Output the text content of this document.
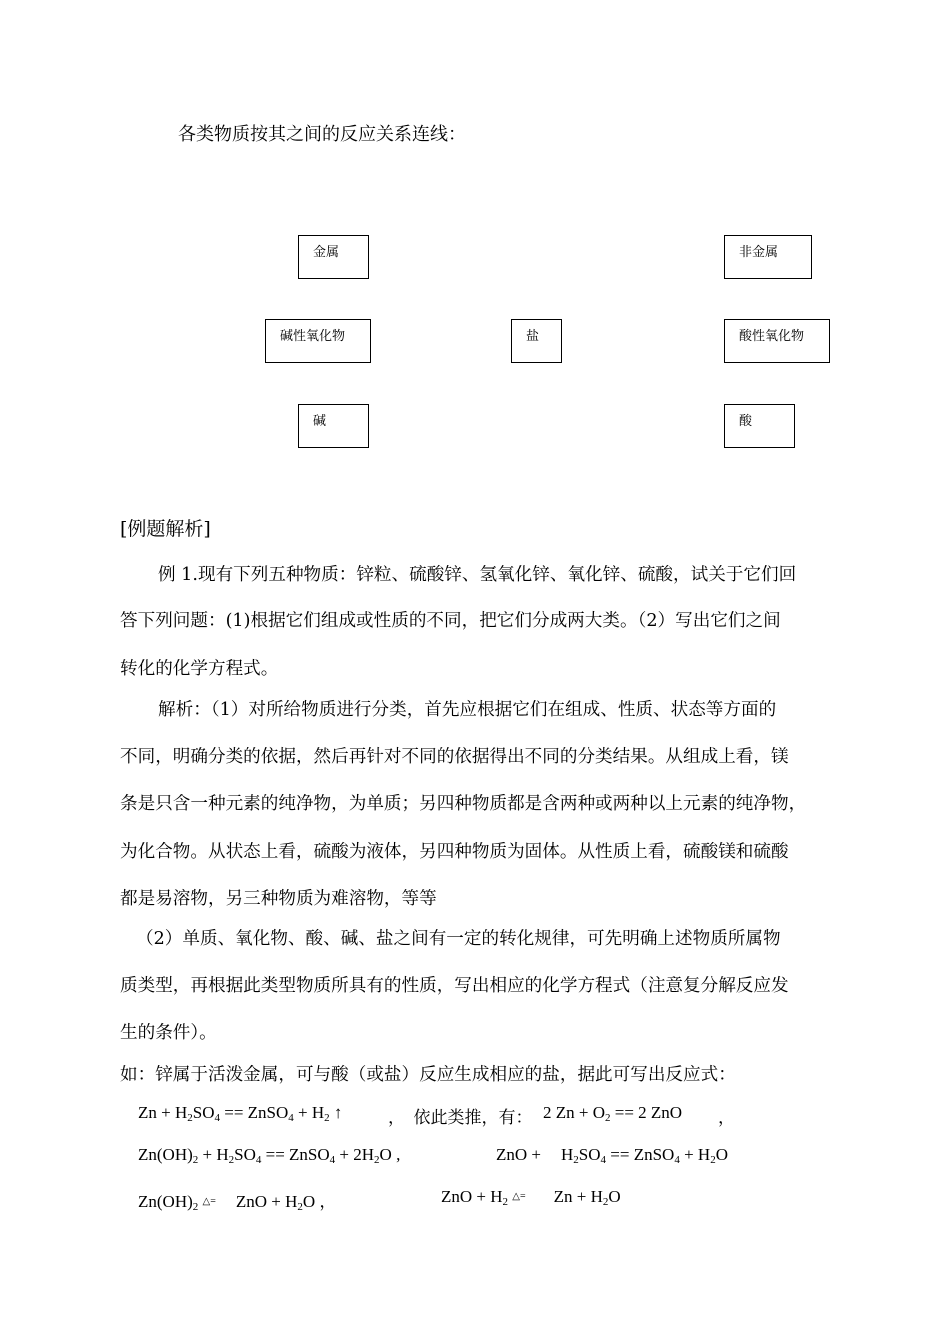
各类物质按其之间的反应关系连线：
金属	非金属
碱性氧化物	盐	酸性氧化物
碱	酸
[例题解析]
例 1.现有下列五种物质：锌粒、硫酸锌、氢氧化锌、氧化锌、硫酸，试关于它们回
答下列问题：(1)根据它们组成或性质的不同，把它们分成两大类。（2）写出它们之间
转化的化学方程式。
解析：（1）对所给物质进行分类，首先应根据它们在组成、性质、状态等方面的
不同，明确分类的依据，然后再针对不同的依据得出不同的分类结果。从组成上看，镁
条是只含一种元素的纯净物，为单质；另四种物质都是含两种或两种以上元素的纯净物，
为化合物。从状态上看，硫酸为液体，另四种物质为固体。从性质上看，硫酸镁和硫酸
都是易溶物，另三种物质为难溶物，等等
（2）单质、氧化物、酸、碱、盐之间有一定的转化规律，可先明确上述物质所属物
质类型，再根据此类型物质所具有的性质，写出相应的化学方程式（注意复分解反应发
生的条件）。
如：锌属于活泼金属，可与酸（或盐）反应生成相应的盐，据此可写出反应式：
$Zn + H_2SO_4$ == ZnSO$_4$ + $H_2$ ↑	，　依此类推，有： 2 $Zn + O_2 == 2$ ZnO ，
$Zn(OH)_2 + H_2SO_4$ == ZnSO$_4$ + $2H_2O$ ,	ZnO + $H_2SO_4$ == ZnSO$_4$ + $H_2O$
$Zn(OH)_2$ △= ZnO + $H_2O$ ，	ZnO + $H_2$ △= $Zn + H_2O$
